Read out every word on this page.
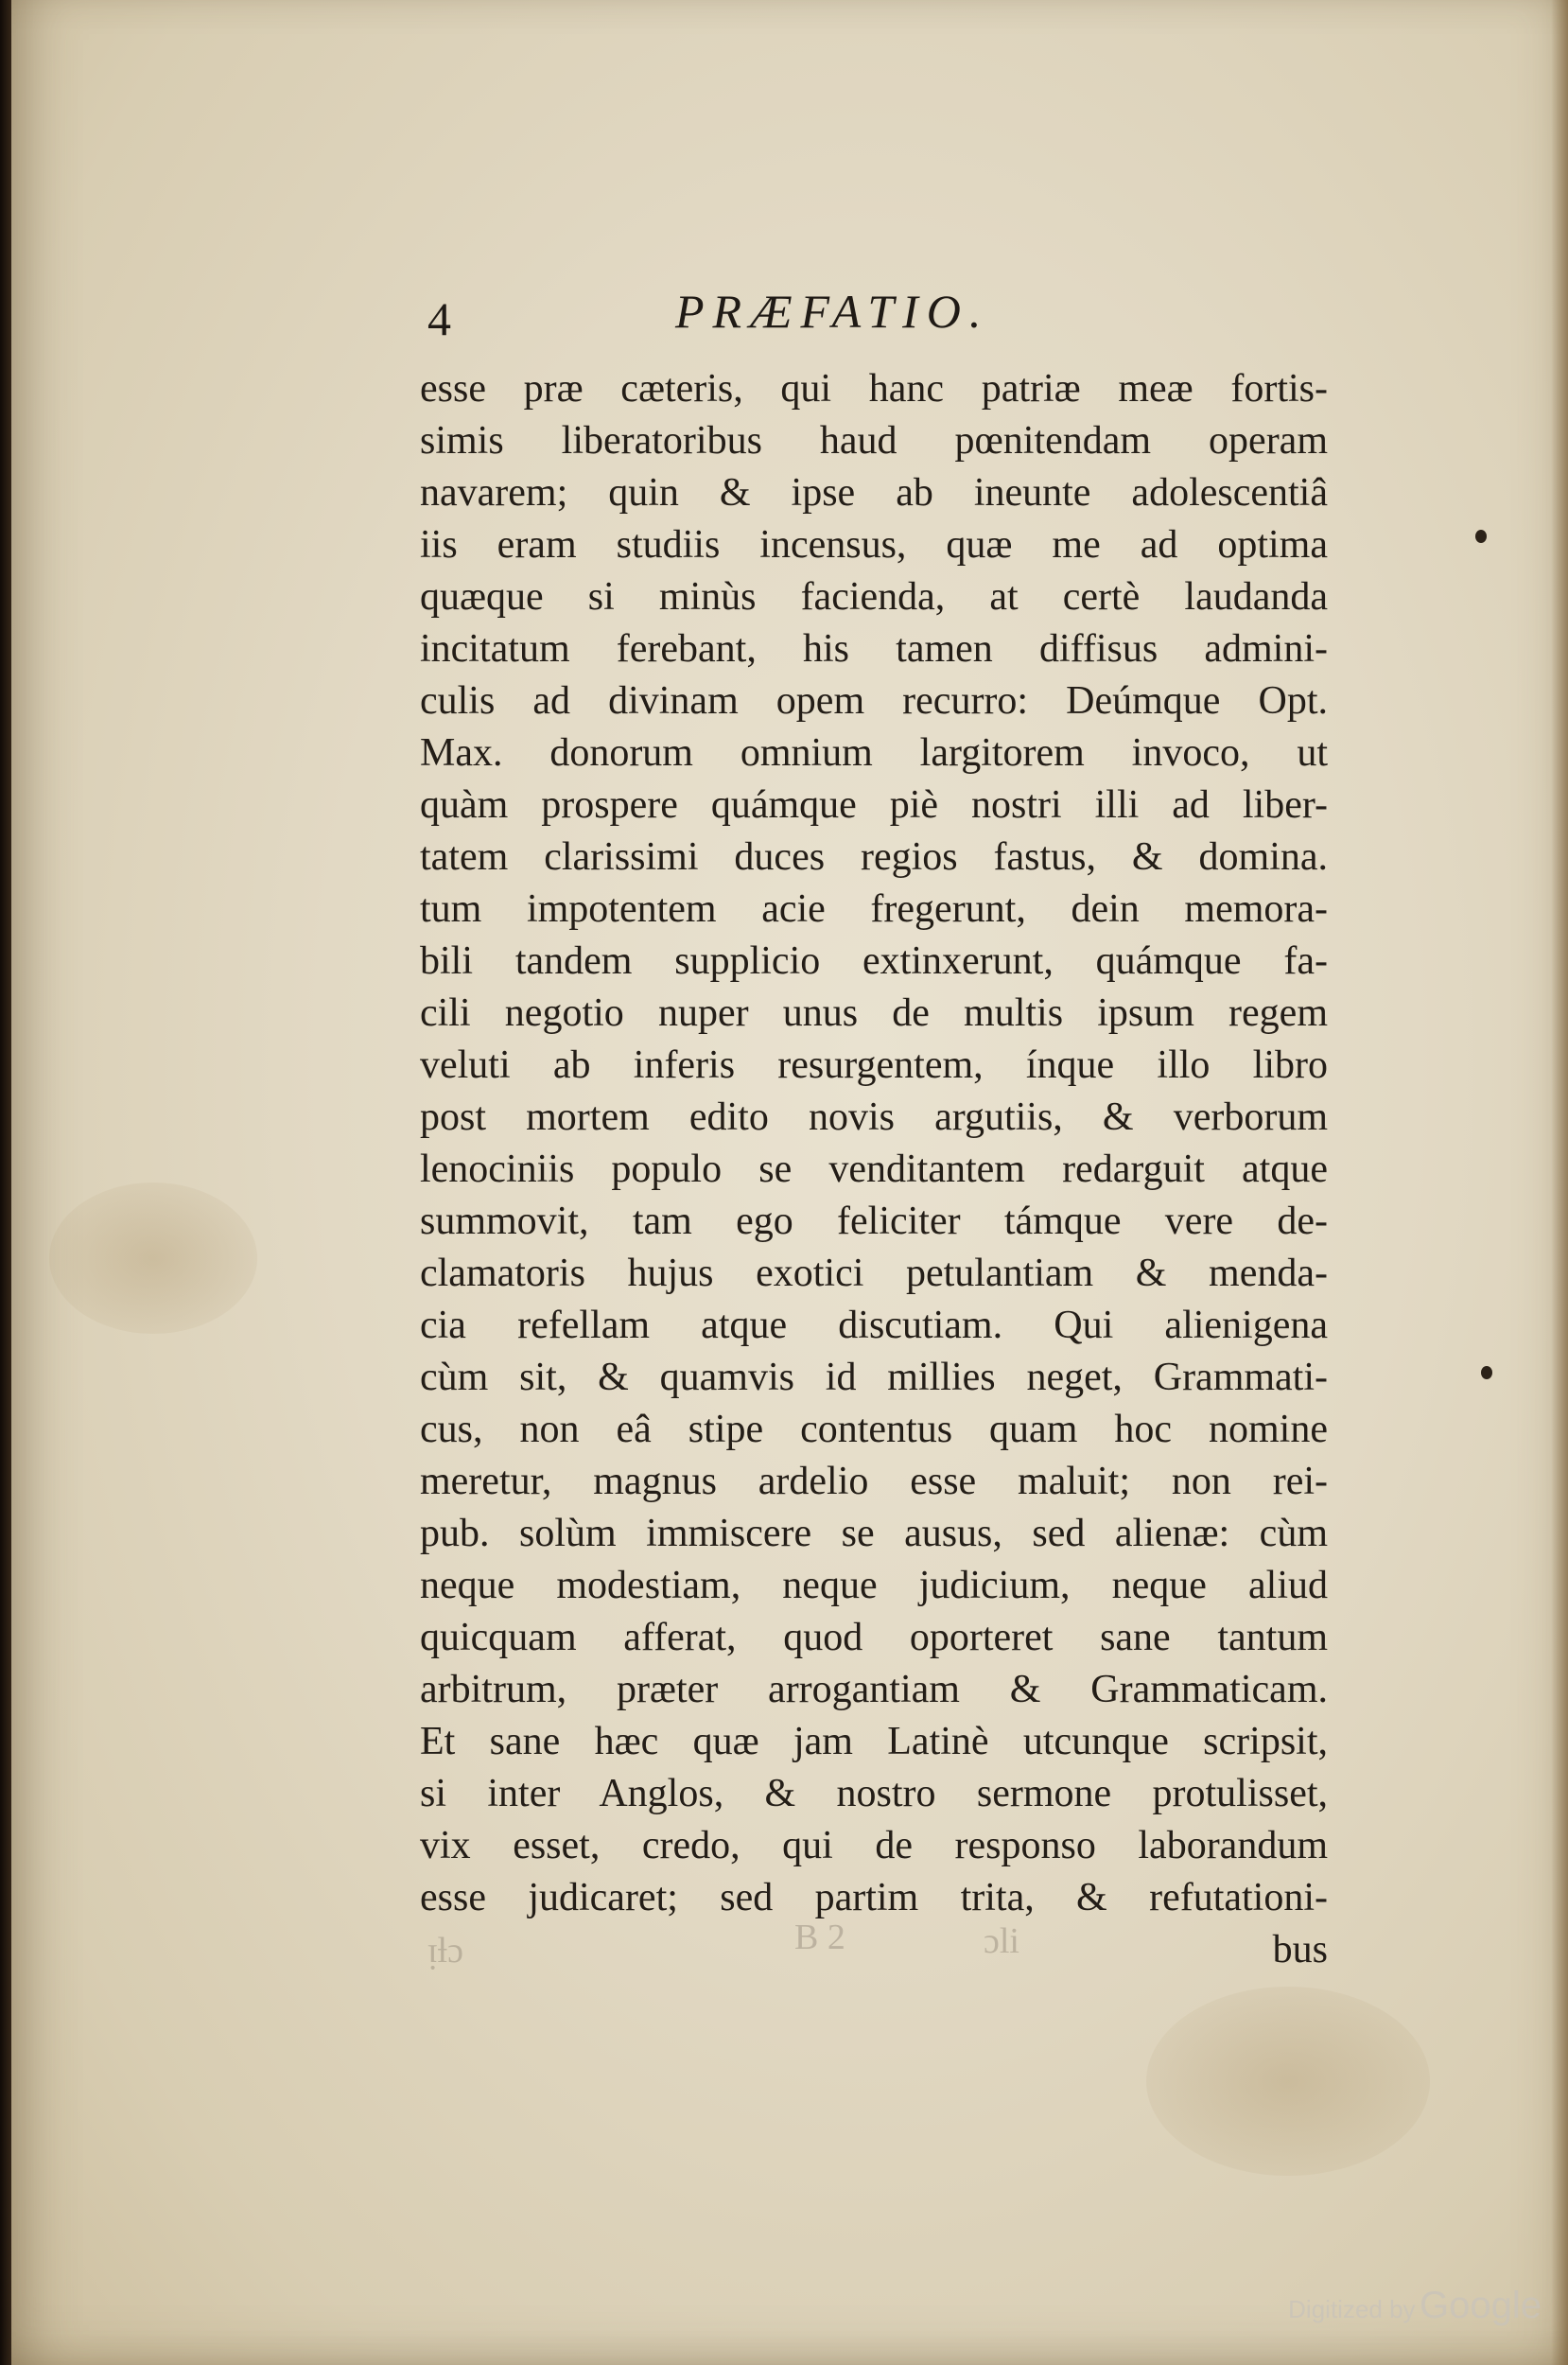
4	PRÆFATIO.
esse præ cæteris, qui hanc patriæ meæ fortis-
simis liberatoribus haud pœnitendam operam
navarem; quin & ipse ab ineunte adolescentiâ
iis eram studiis incensus, quæ me ad optima
quæque si minùs facienda, at certè laudanda
incitatum ferebant, his tamen diffisus admini-
culis ad divinam opem recurro: Deúmque Opt.
Max. donorum omnium largitorem invoco, ut
quàm prospere quámque piè nostri illi ad liber-
tatem clarissimi duces regios fastus, & domina.
tum impotentem acie fregerunt, dein memora-
bili tandem supplicio extinxerunt, quámque fa-
cili negotio nuper unus de multis ipsum regem
veluti ab inferis resurgentem, ínque illo libro
post mortem edito novis argutiis, & verborum
lenociniis populo se venditantem redarguit atque
summovit, tam ego feliciter támque vere de-
clamatoris hujus exotici petulantiam & menda-
cia refellam atque discutiam. Qui alienigena
cùm sit, & quamvis id millies neget, Grammati-
cus, non eâ stipe contentus quam hoc nomine
meretur, magnus ardelio esse maluit; non rei-
pub. solùm immiscere se ausus, sed alienæ: cùm
neque modestiam, neque judicium, neque aliud
quicquam afferat, quod oporteret sane tantum
arbitrum, præter arrogantiam & Grammaticam.
Et sane hæc quæ jam Latinè utcunque scripsit,
si inter Anglos, & nostro sermone protulisset,
vix esset, credo, qui de responso laborandum
esse judicaret; sed partim trita, & refutationi-
bus
ᴉƚɔ	B 2	ɔli
Digitized by Google
